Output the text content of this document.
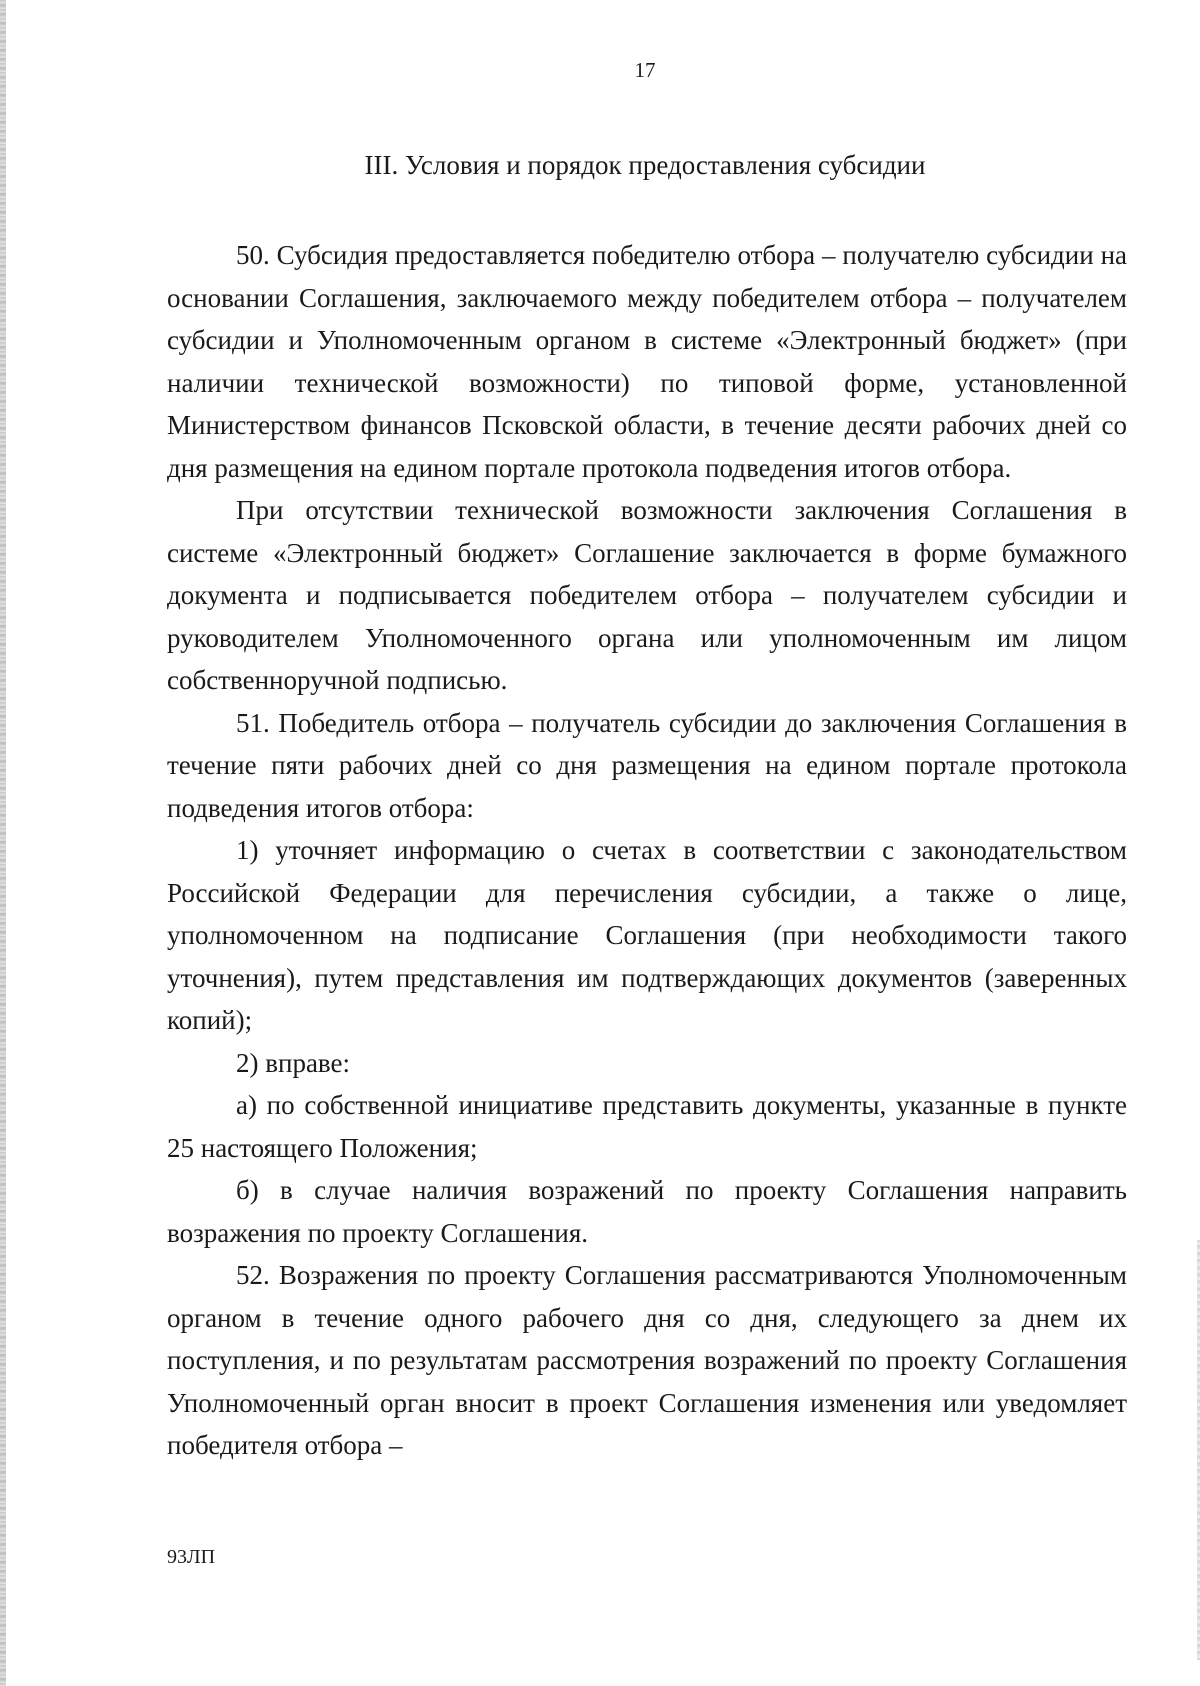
17
III. Условия и порядок предоставления субсидии

50. Субсидия предоставляется победителю отбора – получателю субсидии на основании Соглашения, заключаемого между победителем отбора – получателем субсидии и Уполномоченным органом в системе «Электронный бюджет» (при наличии технической возможности) по типовой форме, установленной Министерством финансов Псковской области, в течение десяти рабочих дней со дня размещения на едином портале протокола подведения итогов отбора.

При отсутствии технической возможности заключения Соглашения в системе «Электронный бюджет» Соглашение заключается в форме бумажного документа и подписывается победителем отбора – получателем субсидии и руководителем Уполномоченного органа или уполномоченным им лицом собственноручной подписью.

51. Победитель отбора – получатель субсидии до заключения Соглашения в течение пяти рабочих дней со дня размещения на едином портале протокола подведения итогов отбора:

1) уточняет информацию о счетах в соответствии с законодательством Российской Федерации для перечисления субсидии, а также о лице, уполномоченном на подписание Соглашения (при необходимости такого уточнения), путем представления им подтверждающих документов (заверенных копий);

2) вправе:

а) по собственной инициативе представить документы, указанные в пункте 25 настоящего Положения;

б) в случае наличия возражений по проекту Соглашения направить возражения по проекту Соглашения.

52. Возражения по проекту Соглашения рассматриваются Уполномоченным органом в течение одного рабочего дня со дня, следующего за днем их поступления, и по результатам рассмотрения возражений по проекту Соглашения Уполномоченный орган вносит в проект Соглашения изменения или уведомляет победителя отбора –

93ЛП
